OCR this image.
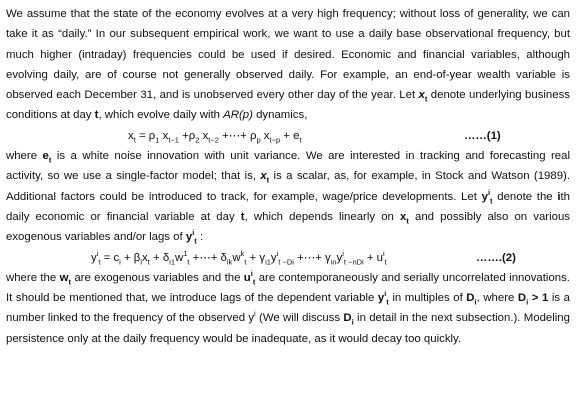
We assume that the state of the economy evolves at a very high frequency; without loss of generality, we can take it as “daily.” In our subsequent empirical work, we want to use a daily base observational frequency, but much higher (intraday) frequencies could be used if desired. Economic and financial variables, although evolving daily, are of course not generally observed daily. For example, an end-of-year wealth variable is observed each December 31, and is unobserved every other day of the year. Let $x_t$ denote underlying business conditions at day t, which evolve daily with AR(p) dynamics,

$x_t = \rho_1$ $x_{t-1} +\rho_2$ $x_{t-2}$ +⋯+ $\rho_p$ $x_{t-p} + e_t$	……(1)

where $e_t$ is a white noise innovation with unit variance. We are interested in tracking and forecasting real activity, so we use a single-factor model; that is, $x_t$ is a scalar, as, for example, in Stock and Watson (1989). Additional factors could be introduced to track, for example, wage/price developments. Let $y^i_t$ denote the ith daily economic or financial variable at day t, which depends linearly on $x_t$ and possibly also on various exogenous variables and/or lags of $y^i_t$ :

$y^i_t = c_i + \beta_ix_t + \delta_{i1}w^1_t$ +⋯+ $\delta_{ik}w^k_t + \gamma_{i1}y^i_{t -Di}$ +⋯+ $\gamma_{in}y^i_{t -nDi} + u^i_t$	…….(2)

where the $w_t$ are exogenous variables and the $u^i_t$ are contemporaneously and serially uncorrelated innovations. It should be mentioned that, we introduce lags of the dependent variable $y^i_t$ in multiples of $D_i$, where $D_i > 1$ is a number linked to the frequency of the observed $y^i$ (We will discuss $D_i$ in detail in the next subsection.). Modeling persistence only at the daily frequency would be inadequate, as it would decay too quickly.
